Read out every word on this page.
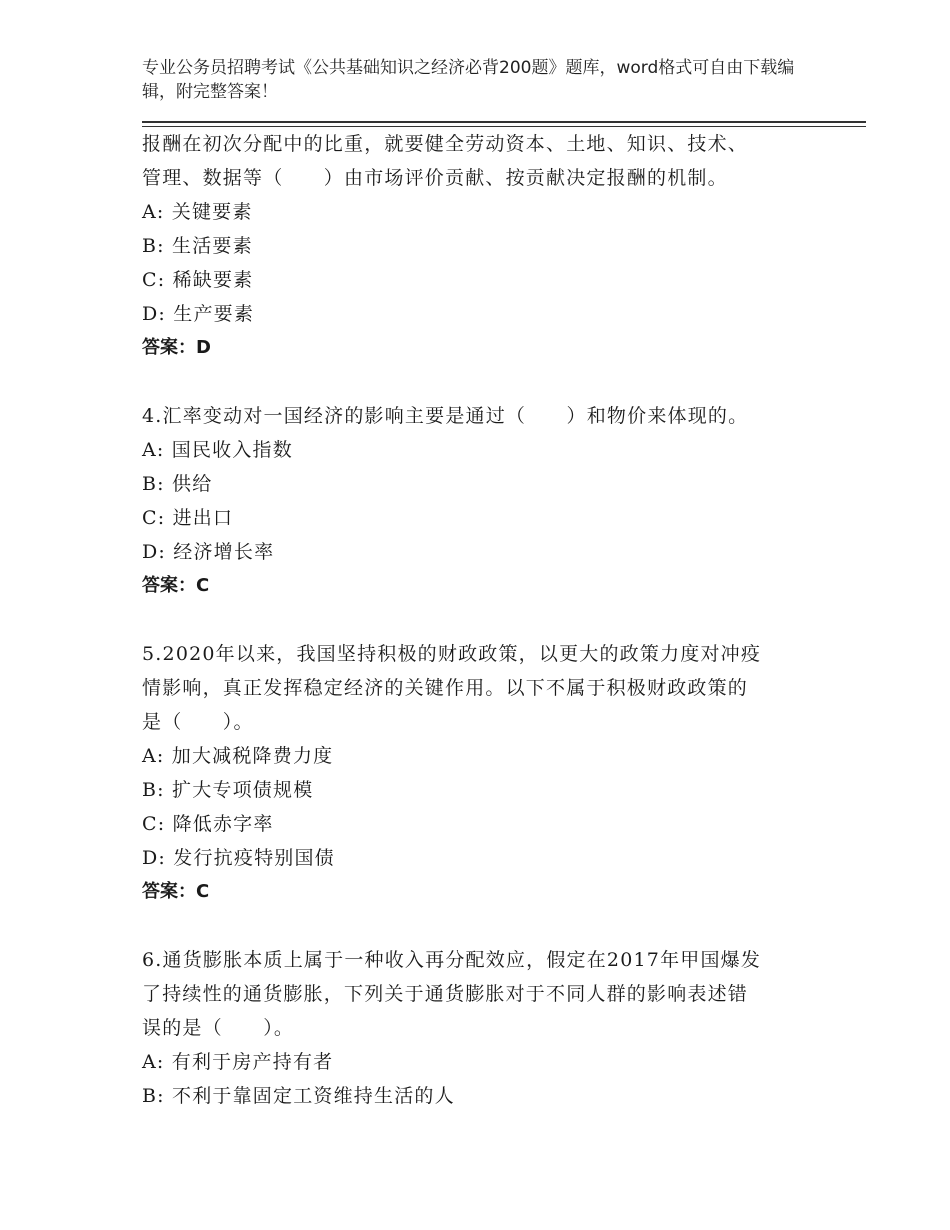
专业公务员招聘考试《公共基础知识之经济必背200题》题库，word格式可自由下载编辑，附完整答案！
报酬在初次分配中的比重，就要健全劳动资本、土地、知识、技术、
管理、数据等（　　）由市场评价贡献、按贡献决定报酬的机制。
A: 关键要素
B: 生活要素
C: 稀缺要素
D: 生产要素
答案：D
4.汇率变动对一国经济的影响主要是通过（　　）和物价来体现的。
A: 国民收入指数
B: 供给
C: 进出口
D: 经济增长率
答案：C
5.2020年以来，我国坚持积极的财政政策，以更大的政策力度对冲疫
情影响，真正发挥稳定经济的关键作用。以下不属于积极财政政策的
是（　　）。
A: 加大减税降费力度
B: 扩大专项债规模
C: 降低赤字率
D: 发行抗疫特别国债
答案：C
6.通货膨胀本质上属于一种收入再分配效应，假定在2017年甲国爆发
了持续性的通货膨胀，下列关于通货膨胀对于不同人群的影响表述错
误的是（　　）。
A: 有利于房产持有者
B: 不利于靠固定工资维持生活的人
